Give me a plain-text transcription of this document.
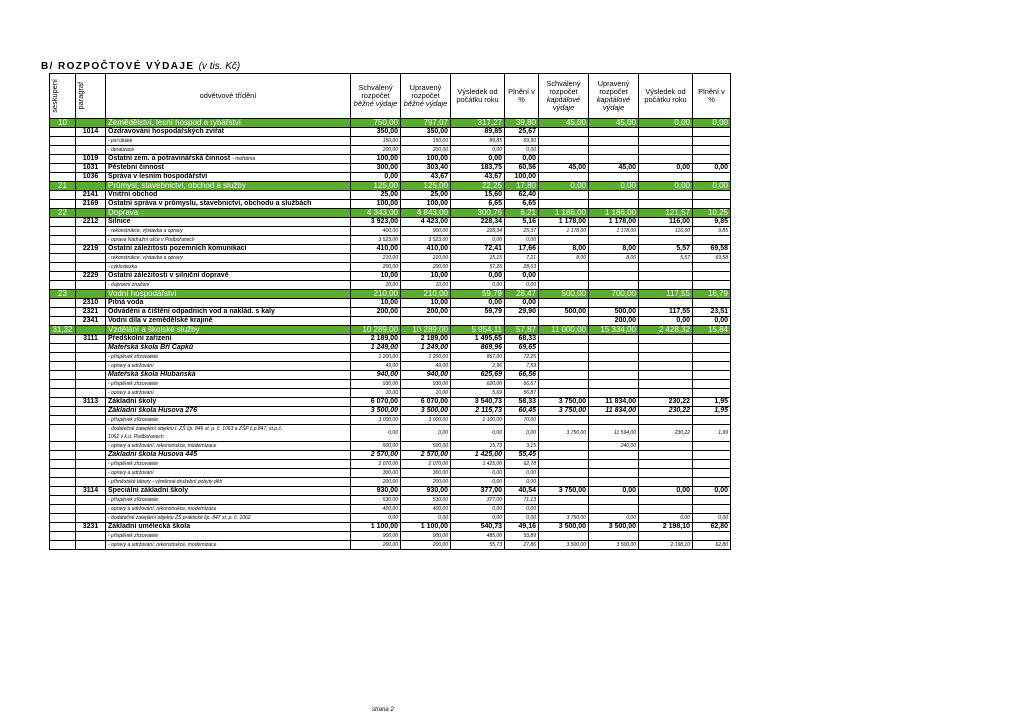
B/ ROZPOČTOVÉ VÝDAJE (v tis. Kč)
seskupení	paragraf	odvětvové třídění	Schválený
rozpočet
běžné výdaje	Upravený
rozpočet
běžné výdaje	Výsledek od
počátku roku	Plnění v
%	Schválený
rozpočet
kapitálové
výdaje	Upravený
rozpočet
kapitálové
výdaje	Výsledek od
počátku roku	Plnění v
%
10		Zemědělství, lesní hospod.a rybářství	750,00	797,07	317,27	39,80	45,00	45,00	0,00	0,00
	1014	Ozdravování hospodářských zvířat	350,00	350,00	89,85	25,67				
		- psí útulek	150,00	150,00	89,85	59,90				
		- deratizace	200,00	200,00	0,00	0,00				
	1019	Ostatní zem. a potravinářská činnost - mořtárna	100,00	100,00	0,00	0,00				
	1031	Pěstební činnost	300,00	303,40	183,75	60,56	45,00	45,00	0,00	0,00
	1036	Správa v lesním hospodářství	0,00	43,67	43,67	100,00				
21		Průmysl, stavebnictví, obchod a služby	125,00	125,00	22,25	17,80	0,00	0,00	0,00	0,00
	2141	Vnitřní obchod	25,00	25,00	15,60	62,40				
	2169	Ostatní správa v průmyslu, stavebnictví, obchodu a službách	100,00	100,00	6,65	6,65				
22		Doprava	4 343,00	4 843,00	300,75	6,21	1 186,00	1 186,00	121,57	10,25
	2212	Silnice	3 923,00	4 423,00	228,34	5,16	1 178,00	1 178,00	116,00	9,85
		- rekonstrukce, výstavba a opravy	400,00	900,00	228,34	25,37	1 178,00	1 178,00	116,00	9,85
		- oprava Nádražní ulice v Podbořanech	3 523,00	3 523,00	0,00	0,00				
	2219	Ostatní záležitosti pozemních komunikací	410,00	410,00	72,41	17,66	8,00	8,00	5,57	69,58
		- rekonstrukce, výstavba a opravy	210,00	210,00	15,15	7,21	8,00	8,00	5,57	69,58
		- cyklostezka	200,00	200,00	57,26	28,63				
	2229	Ostatní záležitosti v silniční dopravě	10,00	10,00	0,00	0,00				
		- dopravní značení	10,00	10,00	0,00	0,00				
23		Vodní hospodářství	210,00	210,00	59,79	28,47	500,00	700,00	117,55	16,79
	2310	Pitná voda	10,00	10,00	0,00	0,00				
	2321	Odvádění a čištění odpadních vod a naklád. s kaly	200,00	200,00	59,79	29,90	500,00	500,00	117,55	23,51
	2341	Vodní díla v zemědělské krajině						200,00	0,00	0,00
31,32		Vzdělání a školské služby	10 289,00	10 289,00	5 954,11	57,87	11 000,00	15 334,00	2 428,32	15,84
	3111	Předškolní zařízení	2 189,00	2 189,00	1 495,65	68,33				
		Mateřská škola Bří Čapků	1 249,00	1 249,00	869,96	69,65				
		- příspěvek zřizovatele	1 200,00	1 200,00	867,00	72,25				
		- opravy a udržování	49,00	49,00	2,96	7,59				
		Mateřská škola Hlubanská	940,00	940,00	625,69	66,56				
		- příspěvek zřizovatele	930,00	930,00	620,00	66,67				
		- opravy a udržování	10,00	10,00	5,69	56,87				
	3113	Základní školy	6 070,00	6 070,00	3 540,73	58,33	3 750,00	11 834,00	230,22	1,95
		Základní škola Husova 276	3 500,00	3 500,00	2 115,73	60,45	3 750,00	11 834,00	230,22	1,95
		- příspěvek zřizovatele	3 000,00	3 000,00	2 100,00	70,00				
		- dodatečné zateplení objektu I. ZŠ čp. 846 st. p. č. 1063 a ZŠP č.p.847, st.p.č.
1062 v k.ú. Podbořanech	0,00	0,00	0,00	0,00	3 750,00	11 594,00	230,22	1,99
		- opravy a udržování, rekonstrukce, modernizace	500,00	500,00	15,73	3,15		240,00		
		Základní škola Husova 445	2 570,00	2 570,00	1 425,00	55,45				
		- příspěvek zřizovatele	2 070,00	2 070,00	1 425,00	62,78				
		- opravy a udržování	300,00	300,00	0,00	0,00				
		- příměstské tábory - výměnné družební pobyty dětí	200,00	200,00	0,00	0,00				
	3114	Speciální základní školy	930,00	930,00	377,00	40,54	3 750,00	0,00	0,00	0,00
		- příspěvek zřizovatele	530,00	530,00	377,00	71,13				
		- opravy a udržování, rekonstrukce, modernizace	400,00	400,00	0,00	0,00				
		- dodatečné zateplení objektu ZŠ praktické čp. 847 st. p. č. 1062	0,00	0,00	0,00	0,00	3 750,00	0,00	0,00	0,00
	3231	Základní umělecká škola	1 100,00	1 100,00	540,73	49,16	3 500,00	3 500,00	2 198,10	62,80
		- příspěvek zřizovatele	900,00	900,00	485,00	53,89				
		- opravy a udržování, rekonstrukce, modernizace	200,00	200,00	55,73	27,86	3 500,00	3 500,00	2 198,10	62,80
strana 2
